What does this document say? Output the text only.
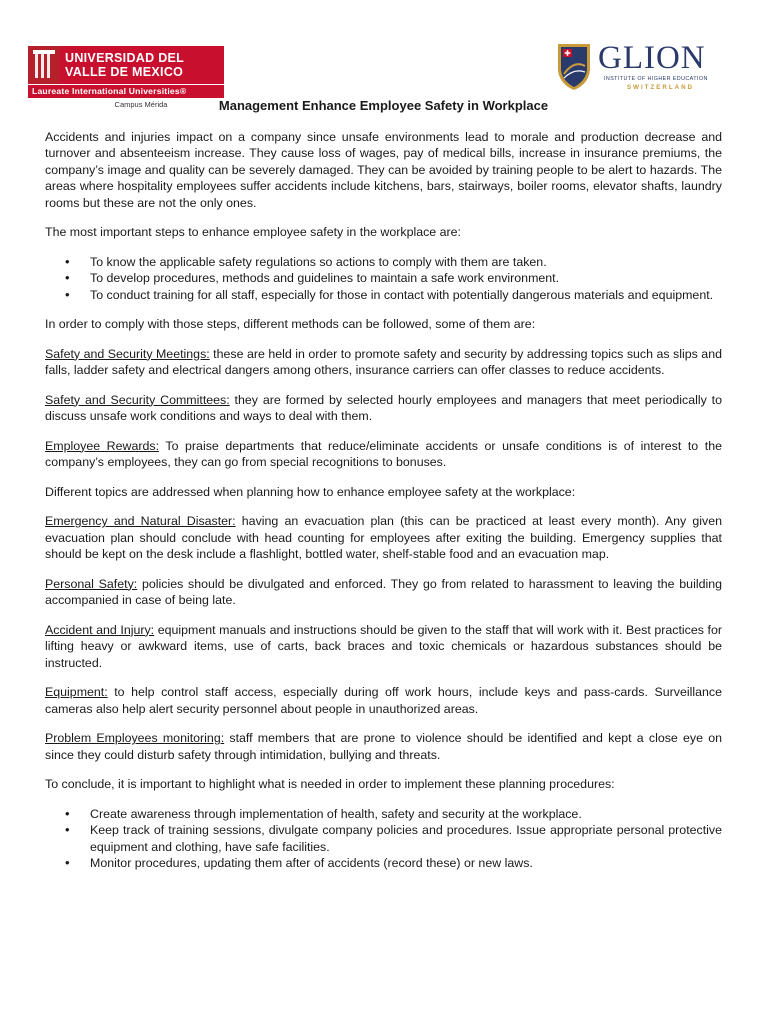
UNIVERSIDAD DEL
VALLE DE MEXICO
Laureate International Universities®
Campus Mérida
GLION
INSTITUTE OF HIGHER EDUCATION
SWITZERLAND
Management Enhance Employee Safety in Workplace

Accidents and injuries impact on a company since unsafe environments lead to morale and production decrease and turnover and absenteeism increase. They cause loss of wages, pay of medical bills, increase in insurance premiums, the company’s image and quality can be severely damaged. They can be avoided by training people to be alert to hazards. The areas where hospitality employees suffer accidents include kitchens, bars, stairways, boiler rooms, elevator shafts, laundry rooms but these are not the only ones.

The most important steps to enhance employee safety in the workplace are:

• To know the applicable safety regulations so actions to comply with them are taken.
• To develop procedures, methods and guidelines to maintain a safe work environment.
• To conduct training for all staff, especially for those in contact with potentially dangerous materials and equipment.

In order to comply with those steps, different methods can be followed, some of them are:

Safety and Security Meetings: these are held in order to promote safety and security by addressing topics such as slips and falls, ladder safety and electrical dangers among others, insurance carriers can offer classes to reduce accidents.

Safety and Security Committees: they are formed by selected hourly employees and managers that meet periodically to discuss unsafe work conditions and ways to deal with them.

Employee Rewards: To praise departments that reduce/eliminate accidents or unsafe conditions is of interest to the company’s employees, they can go from special recognitions to bonuses.

Different topics are addressed when planning how to enhance employee safety at the workplace:

Emergency and Natural Disaster: having an evacuation plan (this can be practiced at least every month). Any given evacuation plan should conclude with head counting for employees after exiting the building. Emergency supplies that should be kept on the desk include a flashlight, bottled water, shelf-stable food and an evacuation map.

Personal Safety: policies should be divulgated and enforced. They go from related to harassment to leaving the building accompanied in case of being late.

Accident and Injury: equipment manuals and instructions should be given to the staff that will work with it. Best practices for lifting heavy or awkward items, use of carts, back braces and toxic chemicals or hazardous substances should be instructed.

Equipment: to help control staff access, especially during off work hours, include keys and pass-cards. Surveillance cameras also help alert security personnel about people in unauthorized areas.

Problem Employees monitoring: staff members that are prone to violence should be identified and kept a close eye on since they could disturb safety through intimidation, bullying and threats.

To conclude, it is important to highlight what is needed in order to implement these planning procedures:

• Create awareness through implementation of health, safety and security at the workplace.
• Keep track of training sessions, divulgate company policies and procedures. Issue appropriate personal protective equipment and clothing, have safe facilities.
• Monitor procedures, updating them after of accidents (record these) or new laws.
